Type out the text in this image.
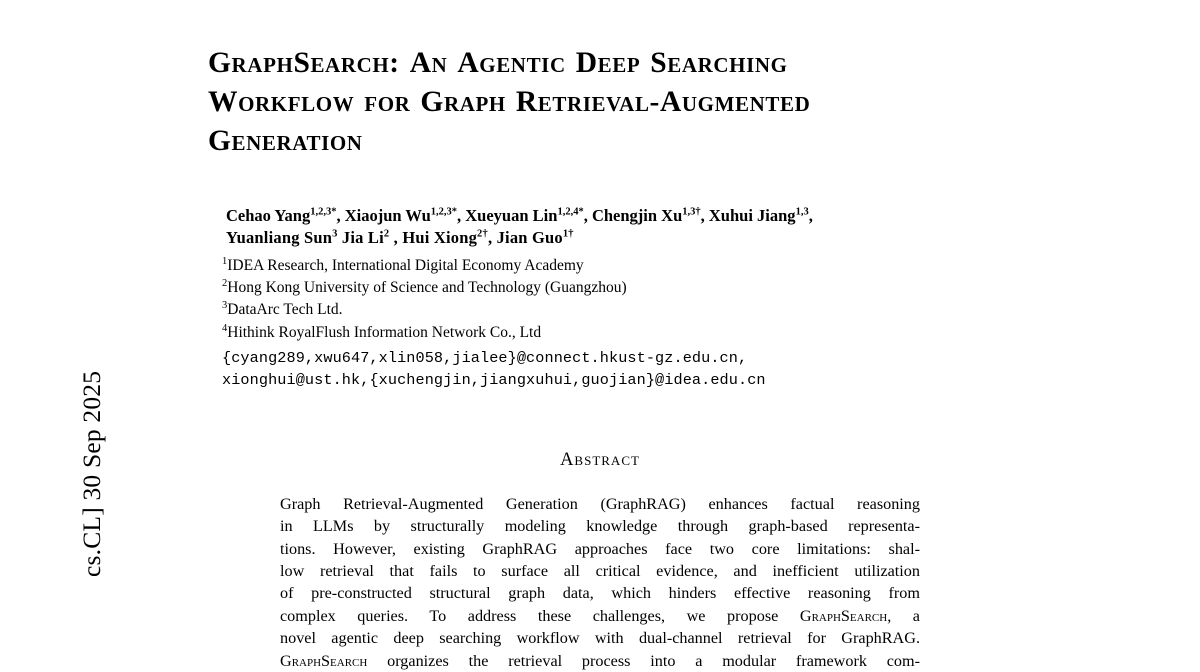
cs.CL] 30 Sep 2025
GraphSearch: An Agentic Deep Searching
Workflow for Graph Retrieval-Augmented
Generation
Cehao Yang$^{1,2,3*}$, Xiaojun $Wu^{1,2,3*}$, Xueyuan Lin$^{1,2,4*}$, Chengjin $Xu^{1,3\dagger}$, Xuhui Jiang$^{1,3}$,
Yuanliang Sun$^3$ Jia Li$^2$ , Hui Xiong$^{2\dagger}$, Jian Guo$^{1\dagger}$
$^1$IDEA Research, International Digital Economy Academy
$^2$Hong Kong University of Science and Technology (Guangzhou)
$^3$DataArc Tech Ltd.
$^4$Hithink RoyalFlush Information Network Co., Ltd
{cyang289,xwu647,xlin058,jialee}@connect.hkust-gz.edu.cn,
xionghui@ust.hk,{xuchengjin,jiangxuhui,guojian}@idea.edu.cn
Abstract
Graph Retrieval-Augmented Generation (GraphRAG) enhances factual reasoning
in LLMs by structurally modeling knowledge through graph-based representa-
tions. However, existing GraphRAG approaches face two core limitations: shal-
low retrieval that fails to surface all critical evidence, and inefficient utilization
of pre-constructed structural graph data, which hinders effective reasoning from
complex queries. To address these challenges, we propose GraphSearch, a
novel agentic deep searching workflow with dual-channel retrieval for GraphRAG.
GraphSearch organizes the retrieval process into a modular framework com-
